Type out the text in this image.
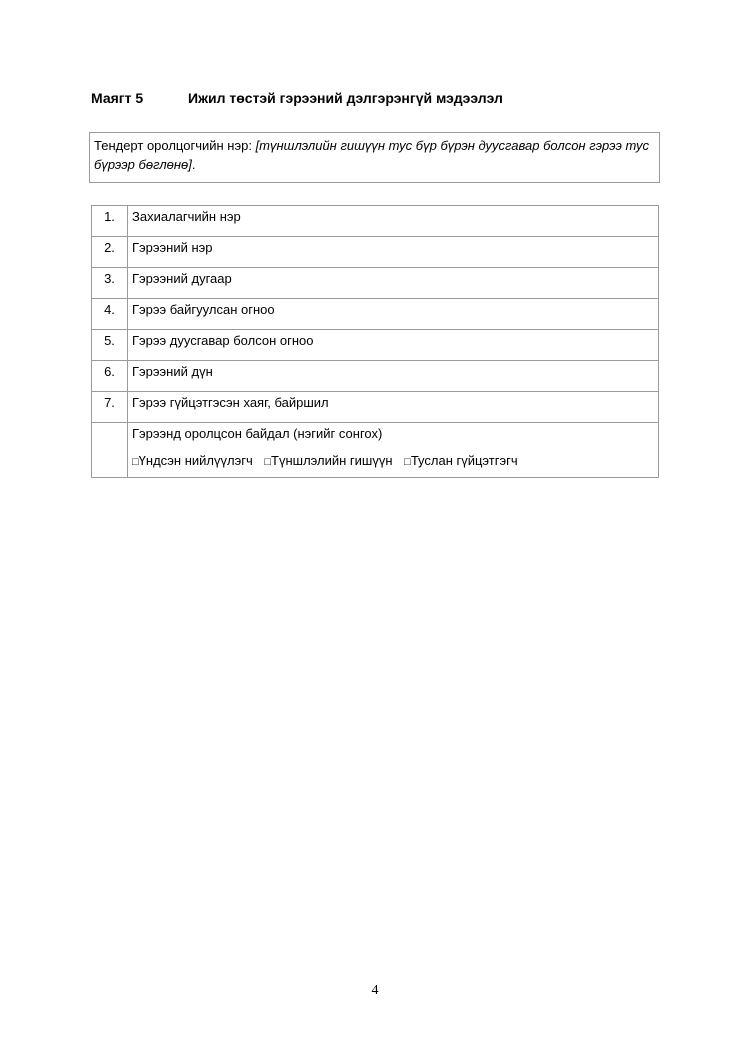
Маягт 5	Ижил төстэй гэрээний дэлгэрэнгүй мэдээлэл
Тендерт оролцогчийн нэр: [түншлэлийн гишүүн тус бүр бүрэн дуусгавар болсон гэрээ тус бүрээр бөглөнө].
1.	Захиалагчийн нэр
2.	Гэрээний нэр
3.	Гэрээний дугаар
4.	Гэрээ байгуулсан огноо
5.	Гэрээ дуусгавар болсон огноо
6.	Гэрээний дүн
7.	Гэрээ гүйцэтгэсэн хаяг, байршил

	Гэрээнд оролцсон байдал (нэгийг сонгох)
□Үндсэн нийлүүлэгч □Түншлэлийн гишүүн □Туслан гүйцэтгэгч
4
